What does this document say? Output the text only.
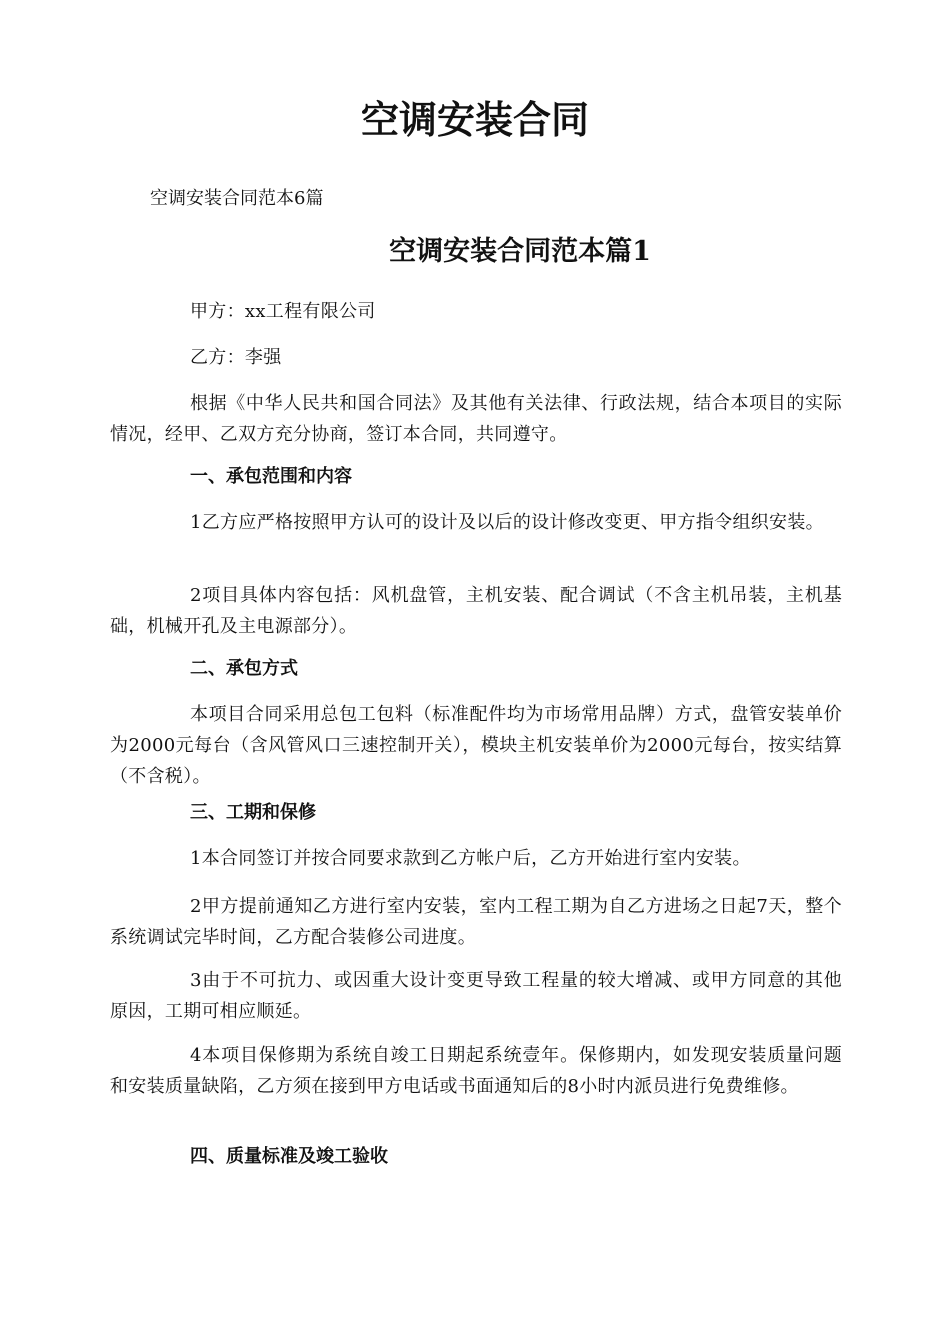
空调安装合同

空调安装合同范本6篇

空调安装合同范本篇1

甲方：xx工程有限公司

乙方：李强

根据《中华人民共和国合同法》及其他有关法律、行政法规，结合本项目的实际情况，经甲、乙双方充分协商，签订本合同，共同遵守。

一、承包范围和内容

1乙方应严格按照甲方认可的设计及以后的设计修改变更、甲方指令组织安装。

2项目具体内容包括：风机盘管，主机安装、配合调试（不含主机吊装，主机基础，机械开孔及主电源部分）。

二、承包方式

本项目合同采用总包工包料（标准配件均为市场常用品牌）方式，盘管安装单价为2000元每台（含风管风口三速控制开关），模块主机安装单价为2000元每台，按实结算（不含税）。

三、工期和保修

1本合同签订并按合同要求款到乙方帐户后，乙方开始进行室内安装。

2甲方提前通知乙方进行室内安装，室内工程工期为自乙方进场之日起7天，整个系统调试完毕时间，乙方配合装修公司进度。

3由于不可抗力、或因重大设计变更导致工程量的较大增减、或甲方同意的其他原因，工期可相应顺延。

4本项目保修期为系统自竣工日期起系统壹年。保修期内，如发现安装质量问题和安装质量缺陷，乙方须在接到甲方电话或书面通知后的8小时内派员进行免费维修。

四、质量标准及竣工验收
